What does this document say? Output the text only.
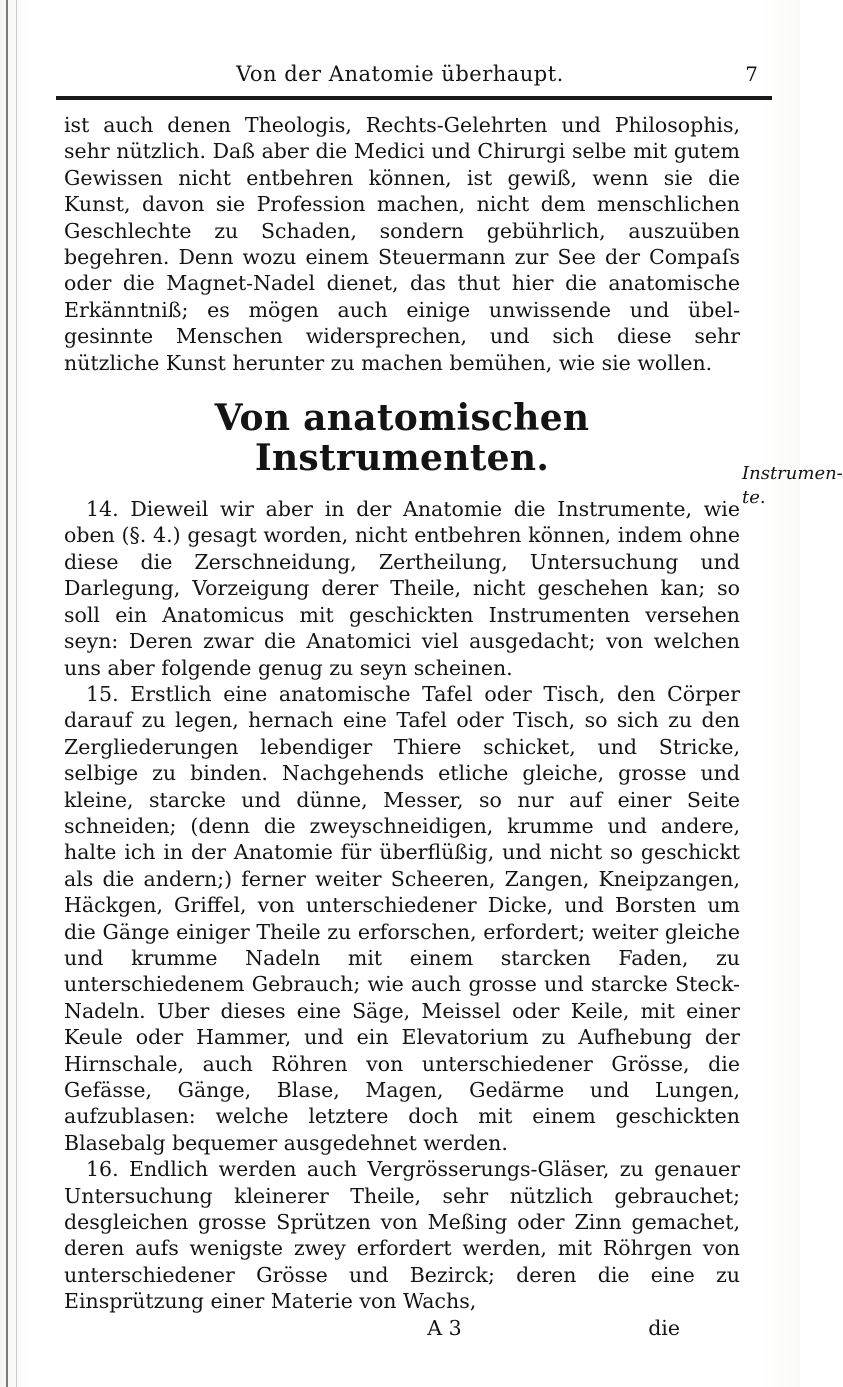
Von der Anatomie überhaupt.	7
Instrumen-
te.

ist auch denen Theologis, Rechts-Gelehrten und Philosophis, sehr nützlich. Daß aber die Medici und Chirurgi selbe mit gutem Gewissen nicht entbehren können, ist gewiß, wenn sie die Kunst, davon sie Profession machen, nicht dem menschlichen Geschlechte zu Schaden, sondern gebührlich, auszuüben begehren. Denn wozu einem Steuermann zur See der Compaſs oder die Magnet-Nadel dienet, das thut hier die anatomische Erkänntniß; es mögen auch einige unwissende und übel-gesinnte Menschen widersprechen, und sich diese sehr nützliche Kunst herunter zu machen bemühen, wie sie wollen.

Von anatomischen Instrumenten.

14. Dieweil wir aber in der Anatomie die Instrumente, wie oben (§. 4.) gesagt worden, nicht entbehren können, indem ohne diese die Zerschneidung, Zertheilung, Untersuchung und Darlegung, Vorzeigung derer Theile, nicht geschehen kan; so soll ein Anatomicus mit geschickten Instrumenten versehen seyn: Deren zwar die Anatomici viel ausgedacht; von welchen uns aber folgende genug zu seyn scheinen.

15. Erstlich eine anatomische Tafel oder Tisch, den Cörper darauf zu legen, hernach eine Tafel oder Tisch, so sich zu den Zergliederungen lebendiger Thiere schicket, und Stricke, selbige zu binden. Nachgehends etliche gleiche, grosse und kleine, starcke und dünne, Messer, so nur auf einer Seite schneiden; (denn die zweyschneidigen, krumme und andere, halte ich in der Anatomie für überflüßig, und nicht so geschickt als die andern;) ferner weiter Scheeren, Zangen, Kneipzangen, Häckgen, Griffel, von unterschiedener Dicke, und Borsten um die Gänge einiger Theile zu erforschen, erfordert; weiter gleiche und krumme Nadeln mit einem starcken Faden, zu unterschiedenem Gebrauch; wie auch grosse und starcke Steck-Nadeln. Uber dieses eine Säge, Meissel oder Keile, mit einer Keule oder Hammer, und ein Elevatorium zu Aufhebung der Hirnschale, auch Röhren von unterschiedener Grösse, die Gefässe, Gänge, Blase, Magen, Gedärme und Lungen, aufzublasen: welche letztere doch mit einem geschickten Blasebalg bequemer ausgedehnet werden.

16. Endlich werden auch Vergrösserungs-Gläser, zu genauer Untersuchung kleinerer Theile, sehr nützlich gebrauchet; desgleichen grosse Sprützen von Meßing oder Zinn gemachet, deren aufs wenigste zwey erfordert werden, mit Röhrgen von unterschiedener Grösse und Bezirck; deren die eine zu Einsprützung einer Materie von Wachs,

A 3	die
